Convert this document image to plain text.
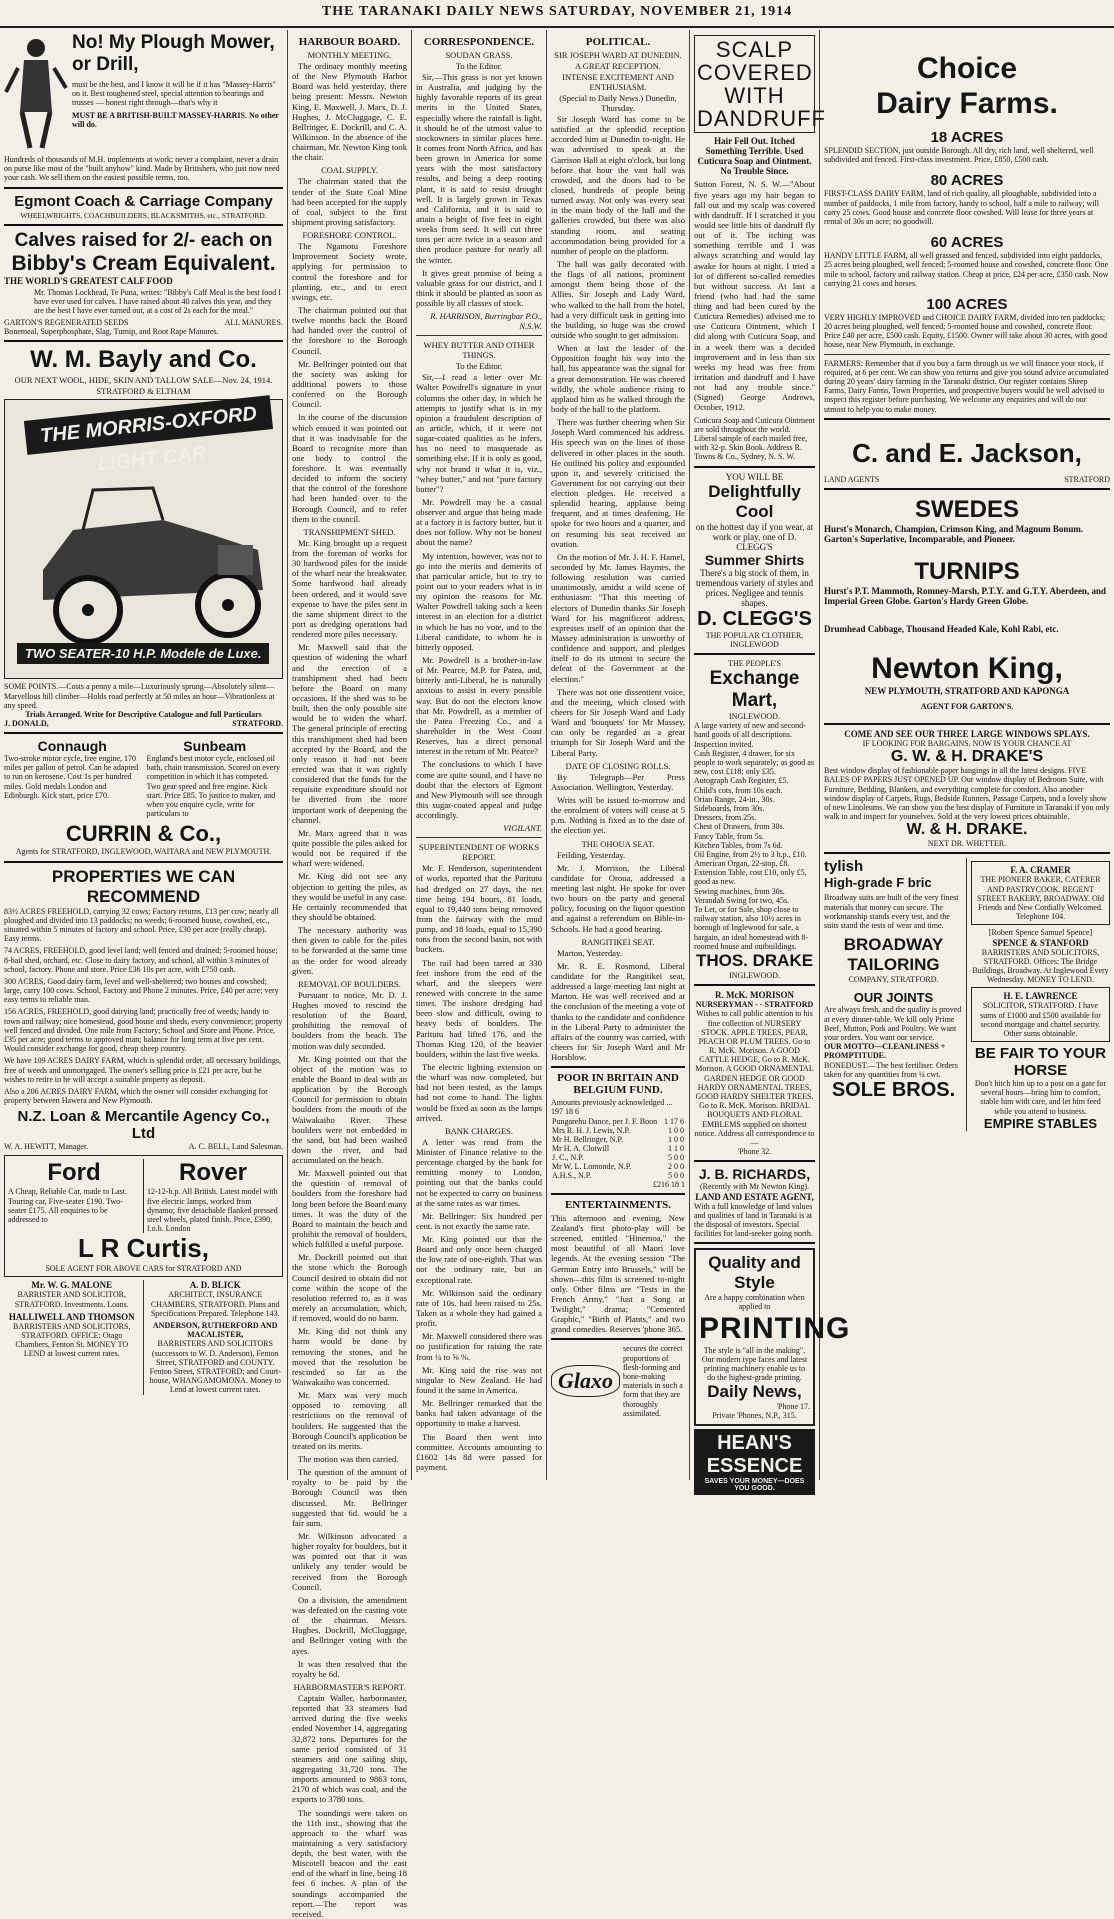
THE TARANAKI DAILY NEWS SATURDAY, NOVEMBER 21, 1914
No! My Plough Mower,
or Drill,
must be the best, and I know it will be if it has "Massey-Harris" on it. Best toughened steel, special attention to bearings and trusses — honest right through—that's why it
MUST BE A BRITISH-BUILT MASSEY-HARRIS. No other will do.
Hundreds of thousands of M.H. implements at work; never a complaint, never a drain on purse like most of the "built anyhow" kind. Made by Britishers, who just now need your cash. We sell them on the easiest possible terms, too.
Egmont Coach & Carriage Company
WHEELWRIGHTS, COACHBUILDERS, BLACKSMITHS, etc., STRATFORD.
Calves raised for 2/- each on
Bibby's Cream Equivalent.
THE WORLD'S GREATEST CALF FOOD
Mr. Thomas Lockhead, Te Puna, writes: "Bibby's Calf Meal is the best food I have ever used for calves. I have raised about 40 calves this year, and they are the best I have ever turned out, at a cost of 2s each for the meal."
GARTON'S REGENERATED SEEDS	ALL MANURES.
Bonemeal, Superphosphate, Slag, Turnip, and Root Rape Manures.
W. M. Bayly and Co.
OUR NEXT WOOL, HIDE, SKIN AND TALLOW SALE—Nov. 24, 1914.
STRATFORD & ELTHAM
THE MORRIS-OXFORD LIGHT CAR
TWO SEATER-10 H.P. Modele de Luxe.
SOME POINTS.—Costs a penny a mile—Luxuriously sprung—Absolutely silent—Marvellous hill climber—Holds road perfectly at 50 miles an hour—Vibrationless at any speed.
Trials Arranged. Write for Descriptive Catalogue and full Particulars
J. DONALD,	STRATFORD.
Connaugh
Two-stroke motor cycle, free engine, 170 miles per gallon of petrol. Can be adapted to run on kerosene. Cost 1s per hundred miles. Gold medals London and Edinburgh. Kick start, price £70.
Sunbeam
England's best motor cycle, enclosed oil bath, chain transmission. Scored on every competition in which it has competed. Two gear speed and free engine. Kick start. Price £85. To justice to maker, and when you enquire cycle, write for particulars to
CURRIN & Co.,
Agents for STRATFORD, INGLEWOOD, WAITARA and NEW PLYMOUTH.
PROPERTIES WE CAN RECOMMEND
83½ ACRES FREEHOLD, carrying 32 cows; Factory returns, £13 per cow; nearly all ploughed and divided into 13 paddocks; no weeds; 6-roomed house, cowshed, etc., situated within 5 minutes of factory and school. Price, £30 per acre (really cheap). Easy terms.
74 ACRES, FREEHOLD, good level land; well fenced and drained; 5-roomed house; 8-bail shed, orchard, etc. Close to dairy factory, and school, all within 3 minutes of school, factory. Phone and store. Price £36 10s per acre, with £750 cash.
300 ACRES, Good dairy farm, level and well-sheltered; two houses and cowshed; large, carry 100 cows. School, Factory and Phone 2 minutes. Price, £40 per acre; very easy terms to reliable man.
156 ACRES, FREEHOLD, good dairying land; practically free of weeds; handy to town and railway; nice homestead, good house and sheds, every convenience; property well fenced and divided. One mile from Factory; School and Store and Phone. Price, £35 per acre; good terms to approved man; balance for long term at five per cent. Would consider exchange for good, cheap sheep country.
We have 109 ACRES DAIRY FARM, which is splendid order, all necessary buildings, free of weeds and unmortgaged. The owner's selling price is £21 per acre, but he wishes to retire to he will accept a suitable property as deposit.
Also a 206 ACRES DAIRY FARM, which the owner will consider exchanging for property between Hawera and New Plymouth.
N.Z. Loan & Mercantile Agency Co., Ltd
W. A. HEWITT, Manager.	A. C. BELL, Land Salesman.
Ford
A Cheap, Reliable Car, made to Last. Touring car, Five-seater £190. Two-seater £175. All enquiries to be addressed to
Rover
12-12-h.p. All British. Latest model with five electric lamps, worked from dynamo; five detachable flanked pressed steel wheels, plated finish. Price, £390, f.o.b. London
L R Curtis,
SOLE AGENT FOR ABOVE CARS for STRATFORD AND
Mr. W. G. MALONE
BARRISTER AND SOLICITOR, STRATFORD. Investments. Loans.
HALLIWELL AND THOMSON
BARRISTERS AND SOLICITORS, STRATFORD. OFFICE: Otago Chambers, Fenton St. MONEY TO LEND at lowest current rates.
A. D. BLICK
ARCHITECT, INSURANCE CHAMBERS, STRATFORD. Plans and Specifications Prepared. Telephone 143.
ANDERSON, RUTHERFORD AND MACALISTER,
BARRISTERS AND SOLICITORS (successors to W. D. Anderson), Fenton Street, STRATFORD and COUNTY. Fenton Street, STRATFORD; and Court-house, WHANGAMOMONA. Money to Lend at lowest current rates.
HARBOUR BOARD.
MONTHLY MEETING.

The ordinary monthly meeting of the New Plymouth Harbor Board was held yesterday, there being present: Messrs. Newton King, E. Maxwell, J. Marx, D. J. Hughes, J. McCluggage, C. E. Bellringer, E. Dockrill, and C. A. Wilkinson. In the absence of the chairman, Mr. Newton King took the chair.

COAL SUPPLY.

The chairman stated that the tender of the State Coal Mine had been accepted for the supply of coal, subject to the first shipment proving satisfactory.

FORESHORE CONTROL.

The Ngamotu Foreshore Improvement Society wrote, applying for permission to control the foreshore and for planting, etc., and to erect swings, etc.

The chairman pointed out that twelve months back the Board had handed over the control of the foreshore to the Borough Council.

Mr. Bellringer pointed out that the society was asking for additional powers to those conferred on the Borough Council.

In the course of the discussion which ensued it was pointed out that it was inadvisable for the Board to recognise more than one body to control the foreshore. It was eventually decided to inform the society that the control of the foreshore had been handed over to the Borough Council, and to refer them to the council.

TRANSHIPMENT SHED.

Mr. King brought up a request from the foreman of works for 30 hardwood piles for the inside of the wharf near the breakwater. Some hardwood had already been ordered, and it would save expense to have the piles sent in the same shipment direct to the port as dredging operations had rendered more piles necessary.

Mr. Maxwell said that the question of widening the wharf and the erection of a transhipment shed had been before the Board on many occasions. If the shed was to be built, then the only possible site would be to widen the wharf. The general principle of erecting this transhipment shed had been accepted by the Board, and the only reason it had not been erected was that it was rightly considered that the funds for the requisite expenditure should not be diverted from the more important work of deepening the channel.

Mr. Marx agreed that it was quite possible the piles asked for would not be required if the wharf were widened.

Mr. King did not see any objection to getting the piles, as they would be useful in any case. He certainly recommended that they should be obtained.

The necessary authority was then given to cable for the piles to be forwarded at the same time as the order for wood already given.

REMOVAL OF BOULDERS.

Pursuant to notice, Mr. D. J. Hughes moved to rescind the resolution of the Board, prohibiting the removal of boulders from the beach. The motion was duly seconded.

Mr. King pointed out that the object of the motion was to enable the Board to deal with an application by the Borough Council for permission to obtain boulders from the mouth of the Waiwakaiho River. These boulders were not embedded in the sand, but had been washed down the river, and had accumulated on the beach.

Mr. Maxwell pointed out that the question of removal of boulders from the foreshore had long been before the Board many times. It was the duty of the Board to maintain the beach and prohibit the removal of boulders, which fulfilled a useful purpose.

Mr. Dockrill pointed out that the stone which the Borough Council desired to obtain did not come within the scope of the resolution referred to, as it was merely an accumulation, which, if removed, would do no harm.

Mr. King did not think any harm would be done by removing the stones, and he moved that the resolution be rescinded so far as the Waiwakaiho was concerned.

Mr. Marx was very much opposed to removing all restrictions on the removal of boulders. He suggested that the Borough Council's application be treated on its merits.

The motion was then carried.

The question of the amount of royalty to be paid by the Borough Council was then discussed. Mr. Bellringer suggested that 6d. would be a fair sum.

Mr. Wilkinson advocated a higher royalty for boulders, but it was pointed out that it was unlikely any tender would be received from the Borough Council.

On a division, the amendment was defeated on the casting vote of the chairman. Messrs. Hughes, Dockrill, McCluggage, and Bellringer voting with the ayes.

It was then resolved that the royalty be 6d.

HARBORMASTER'S REPORT.

Captain Waller, harbormaster, reported that 33 steamers had arrived during the five weeks ended November 14, aggregating 32,872 tons. Departures for the same period consisted of 31 steamers and one sailing ship, aggregating 31,720 tons. The imports amounted to 9863 tons, 2170 of which was coal, and the exports to 3780 tons.

The soundings were taken on the 11th inst., showing that the approach to the wharf was maintaining a very satisfactory depth, the best water, with the Miscotell beacon and the east end of the wharf in line, being 18 feet 6 inches. A plan of the soundings accompanied the report.—The report was received.

CORRESPONDENCE.
SOUDAN GRASS.
To the Editor.

Sir,—This grass is not yet known in Australia, and judging by the highly favorable reports of its great merits in the United States, especially where the rainfall is light, it should be of the utmost value to stockowners in similar places here. It comes from North Africa, and has been grown in America for some years with the most satisfactory results, and being a deep rooting plant, it is said to resist drought well. It is largely grown in Texas and California, and it is said to attain a height of five feet in eight weeks from seed. It will cut three tons per acre twice in a season and then produce pasture for nearly all the winter.

It gives great promise of being a valuable grass for our district, and I think it should be planted as soon as possible by all classes of stock.

R. HARRISON, Burringbar P.O., N.S.W.
WHEY BUTTER AND OTHER THINGS.
To the Editor.

Sir,—I read a letter over Mr. Walter Powdrell's signature in your columns the other day, in which he attempts to justify what is in my opinion a fraudulent description of an article, which, if it were not sugar-coated qualities as he infers, has no need to masquerade as something else. If it is only as good, why not brand it what it is, viz., "whey butter," and not "pure factory butter"?

Mr. Powdrell may be a casual observer and argue that being made at a factory it is factory butter, but it does not follow. Why not be honest about the name?

My intention, however, was not to go into the merits and demerits of that particular article, but to try to point out to your readers what is in my opinion the reasons for Mr. Walter Powdrell taking such a keen interest in an election for a district in which he has no vote, and to the Liberal candidate, to whom he is bitterly opposed.

Mr. Powdrell is a brother-in-law of Mr. Pearce, M.P. for Patea, and, bitterly anti-Liberal, he is naturally anxious to assist in every possible way. But do not the electors know that Mr. Powdrell, as a member of the Patea Freezing Co., and a shareholder in the West Coast Reserves, has a direct personal interest in the return of Mr. Pearce?

The conclusions to which I have come are quite sound, and I have no doubt that the electors of Egmont and New Plymouth will see through this sugar-coated appeal and judge accordingly.

VIGILANT.
SUPERINTENDENT OF WORKS REPORT.

Mr. F. Henderson, superintendent of works, reported that the Paritutu had dredged on 27 days, the net time being 194 hours, 81 loads, equal to 19,440 tons being removed from the fairway with the mud pump, and 18 loads, equal to 15,390 tons from the second basin, not with buckets.

The rail had been tarred at 330 feet inshore from the end of the wharf, and the sleepers were renewed with concrete in the same times. The inshore dredging had been slow and difficult, owing to heavy beds of boulders. The Paritutu had lifted 176, and the Thomas King 120, of the heavier boulders, within the last five weeks.

The electric lighting extension on the wharf was now completed, but had not been tested, as the lamps had not come to hand. The lights would be fixed as soon as the lamps arrived.

BANK CHARGES.

A letter was read from the Minister of Finance relative to the percentage charged by the bank for remitting money to London, pointing out that the banks could not be expected to carry on business at the same rates as war times.

Mr. Bellringer: Six hundred per cent. is not exactly the same rate.

Mr. King pointed out that the Board and only once been charged the low rate of one-eighth. That was not the ordinary rate, but an exceptional rate.

Mr. Wilkinson said the ordinary rate of 10s. had been raised to 25s. Taken as a whole they had gained a profit.

Mr. Maxwell considered there was no justification for raising the rate from ¼ to ⅝ %.

Mr. King said the rise was not singular to New Zealand. He had found it the same in America.

Mr. Bellringer remarked that the banks had taken advantage of the opportunity to make a harvest.

The Board then went into committee. Accounts amounting to £1602 14s 8d were passed for payment.

POLITICAL.
SIR JOSEPH WARD AT DUNEDIN.
A GREAT RECEPTION.
INTENSE EXCITEMENT AND ENTHUSIASM.
(Special to Daily News.) Dunedin, Thursday.

Sir Joseph Ward has come to be satisfied at the splendid reception accorded him at Dunedin to-night. He was advertised to speak at the Garrison Hall at eight o'clock, but long before that hour the vast hall was crowded, and the doors had to be closed, hundreds of people being turned away. Not only was every seat in the main body of the hall and the galleries crowded, but there was also standing room, and seating accommodation being provided for a number of people on the platform.

The hall was gaily decorated with the flags of all nations, prominent amongst them being those of the Allies. Sir Joseph and Lady Ward, who walked to the hall from the hotel, had a very difficult task in getting into the building, so huge was the crowd outside who sought to get admission.

When at last the leader of the Opposition fought his way into the hall, his appearance was the signal for a great demonstration. He was cheered wildly, the whole audience rising to applaud him as he walked through the body of the hall to the platform.

There was further cheering when Sir Joseph Ward commenced his address. His speech was on the lines of those delivered in other places in the south. He outlined his policy and expounded upon it, and severely criticised the Government for not carrying out their election pledges. He received a splendid hearing, applause being frequent, and at times deafening. He spoke for two hours and a quarter, and on resuming his seat received an ovation.

On the motion of Mr. J. H. F. Hamel, seconded by Mr. James Haymes, the following resolution was carried unanimously, amidst a wild scene of enthusiasm: "That this meeting of electors of Dunedin thanks Sir Joseph Ward for his magnificent address, expresses itself of an opinion that the Massey administration is unworthy of confidence and support, and pledges itself to do its utmost to secure the defeat of the Government at the election."

There was not one dissentient voice, and the meeting, which closed with cheers for Sir Joseph Ward and Lady Ward and 'bouquets' for Mr Massey, can only be regarded as a great triumph for Sir Joseph Ward and the Liberal Party.

DATE OF CLOSING ROLLS.

By Telegraph—Per Press Association. Wellington, Yesterday.

Writs will be issued to-morrow and the enrolment of voters will cease at 5 p.m. Nothing is fixed as to the date of the election yet.

THE OHOUA SEAT.

Feilding, Yesterday.

Mr. J. Morrison, the Liberal candidate for Oroua, addressed a meeting last night. He spoke for over two hours on the party and general policy, focusing on the liquor question and against a referendum on Bible-in-Schools. He had a good hearing.

RANGITIKEI SEAT.

Marton, Yesterday.

Mr. R. E. Rosmond, Liberal candidate for the Rangitikei seat, addressed a large meeting last night at Marton. He was well received and at the conclusion of the meeting a vote of thanks to the candidate and confidence in the Liberal Party to administer the affairs of the country was carried, with cheers for Sir Joseph Ward and Mr Horsblow.

POOR IN BRITAIN AND BELGIUM FUND.
Amounts previously acknowledged ... 197 18 6
Pungarehu Dance, per J. F. Boon	1 17 6
Mrs R. H. J. Lewis, N.P.	1 0 0
Mr H. Bellringer, N.P.	1 0 0
Mr H. A. Clotwill	1 1 0
J. C., N.P.	5 0 0
Mr W. L. Lomonde, N.P.	2 0 0
A.H.S., N.P.	5 0 0
£216 18 1
ENTERTAINMENTS.
This afternoon and evening, New Zealand's first photo-play will be screened, entitled "Hinemoa," the most beautiful of all Maori love legends. At the evening session "The German Entry into Brussels," will be shown—this film is screened to-night only. Other films are "Tests in the French Army," "Just a Song at Twilight," drama; "Cemented Graphic," "Birth of Plants," and two grand comedies. Reserves 'phone 365.
Glaxo
secures the correct proportions of flesh-forming and bone-making materials in such a form that they are thoroughly assimilated.
SCALP COVERED
WITH DANDRUFF
Hair Fell Out. Itched Something Terrible. Used Cuticura Soap and Ointment. No Trouble Since.
Sutton Forest, N. S. W.—"About five years ago my hair began to fall out and my scalp was covered with dandruff. If I scratched it you would see little bits of dandruff fly out of it. The itching was something terrible and I was always scratching and would lay awake for hours at night. I tried a lot of different so-called remedies but without success. At last a friend (who had had the same thing and had been cured by the Cuticura Remedies) advised me to use Cuticura Ointment, which I did along with Cuticura Soap, and in a week there was a decided improvement and in less than six weeks my head was free from irritation and dandruff and I have not had any trouble since." (Signed) George Andrews, October, 1912.
Cuticura Soap and Cuticura Ointment are sold throughout the world. Liberal sample of each mailed free, with 32-p. Skin Book. Address R. Towns & Co., Sydney, N. S. W.
YOU WILL BE
Delightfully Cool
on the hottest day if you wear, at work or play, one of D. CLEGG'S
Summer Shirts
There's a big stock of them, in tremendous variety of styles and prices. Negligee and tennis shapes.
D. CLEGG'S
THE POPULAR CLOTHIER, INGLEWOOD
THE PEOPLE'S
Exchange Mart,
INGLEWOOD.
A large variety of new and second-hand goods of all descriptions. Inspection invited.
Cash Register, 4 drawer, for six people to work separately; as good as new, cost £118; only £35.
Autograph Cash Register, £5.
Child's cots, from 10s each.
Orian Range, 24-in., 30s.
Sideboards, from 30s.
Dressers, from 25s.
Chest of Drawers, from 30s.
Fancy Table, from 5s.
Kitchen Tables, from 7s 6d.
Oil Engine, from 2½ to 3 h.p., £10.
American Organ, 22-stop, £8.
Extension Table, cost £10, only £5, good as new.
Sewing machines, from 30s.
Verandah Swing for two, 45s.
To Let, or for Sale, shop close to railway station, also 10½ acres in borough of Inglewood for sale, a bargain, an ideal homestead with 8-roomed house and outbuildings.
THOS. DRAKE
INGLEWOOD.
R. McK. MORISON
NURSERYMAN - - STRATFORD
Wishes to call public attention to his fine collection of NURSERY STOCK. APPLE TREES, PEAR, PEACH OR PLUM TREES. Go to R. McK. Morison. A GOOD CATTLE HEDGE, Go to R. McK. Morison. A GOOD ORNAMENTAL GARDEN HEDGE OR GOOD HARDY ORNAMENTAL TREES, GOOD HARDY SHELTER TREES. Go to R. McK. Morison. BRIDAL BOUQUETS AND FLORAL EMBLEMS supplied on shortest notice. Address all correspondence to—
'Phone 32.
J. B. RICHARDS,
(Recently with Mr Newton King).
LAND AND ESTATE AGENT,
With a full knowledge of land values and qualities of land in Taranaki is at the disposal of investors. Special facilities for land-seeker going north.
Quality and Style
Are a happy combination when applied to
PRINTING
The style is "all in the making". Our modern type faces and latest printing machinery enable us to do the highest-grade printing.
Daily News,
'Phone 17.
Private 'Phones, N.P., 315.
HEAN'S
ESSENCE
SAVES YOUR MONEY—DOES YOU GOOD.
Choice
Dairy Farms.
18 ACRES
SPLENDID SECTION, just outside Borough. All dry, rich land, well sheltered, well subdivided and fenced. First-class investment. Price, £850, £500 cash.
80 ACRES
FIRST-CLASS DAIRY FARM, land of rich quality, all ploughable, subdivided into a number of paddocks, 1 mile from factory, handy to school, half a mile to railway; will carry 25 cows. Good house and concrete floor cowshed. Will lease for three years at rental of 30s an acre; no goodwill.
60 ACRES
HANDY LITTLE FARM, all well grassed and fenced, subdivided into eight paddocks, 25 acres being ploughed, well fenced; 5-roomed house and cowshed, concrete floor. One mile to school, factory and railway station. Cheap at price, £24 per acre, £350 cash. Now carrying 21 cows and horses.
100 ACRES
VERY HIGHLY IMPROVED and CHOICE DAIRY FARM, divided into ten paddocks; 20 acres being ploughed, well fenced; 5-roomed house and cowshed, concrete floor. Price £40 per acre, £500 cash. Equity, £1500. Owner will take about 30 acres, with good house, near New Plymouth, in exchange.
FARMERS: Remember that if you buy a farm through us we will finance your stock, if required, at 6 per cent. We can show you returns and give you sound advice accumulated during 20 years' dairy farming in the Taranaki district. Our register contains Sheep Farms, Dairy Farms, Town Properties, and prospective buyers would be well advised to inspect this register before purchasing. We welcome any enquiries and will do our utmost to help you to make money.
C. and E. Jackson,
LAND AGENTS	STRATFORD
SWEDES
Hurst's Monarch, Champion, Crimson King, and Magnum Bonum. Garton's Superlative, Incomparable, and Pioneer.
TURNIPS
Hurst's P.T. Mammoth, Romney-Marsh, P.T.Y. and G.T.Y. Aberdeen, and Imperial Green Globe. Garton's Hardy Green Globe.
Drumhead Cabbage, Thousand Headed Kale, Kohl Rabi, etc.
Newton King,
NEW PLYMOUTH, STRATFORD AND KAPONGA
AGENT FOR GARTON'S.
COME AND SEE OUR THREE LARGE WINDOWS SPLAYS.
IF LOOKING FOR BARGAINS. NOW IS YOUR CHANCE AT
G. W. & H. DRAKE'S
Best window display of fashionable paper hangings in all the latest designs. FIVE BALES OF PAPERS JUST OPENED UP. Our window display of Bedroom Suite, with Furniture, Bedding, Blankets, and everything complete for comfort. Also another window display of Carpets, Rugs, Bedside Runners, Passage Carpets, and a lovely show of new Linoleums. We can show you the best display of Furniture in Taranaki if you only walk in and inspect for yourselves. Sold at the very lowest prices obtainable.
W. & H. DRAKE.
NEXT DR. WHETTER.
tylish
High-grade F bric
Broadway suits are built of the very finest materials that money can secure. The workmanship stands every test, and the suits stand the tests of wear and time.
BROADWAY
TAILORING
COMPANY, STRATFORD.
OUR JOINTS
Are always fresh, and the quality is proved at every dinner-table. We kill only Prime Beef, Mutton, Pork and Poultry. We want your orders. You want our service.
OUR MOTTO—CLEANLINESS + PROMPTITUDE.
BONEDUST.—The best fertiliser. Orders taken for any quantities from ¼ cwt.
SOLE BROS.
F. A. CRAMER
THE PIONEER BAKER, CATERER AND PASTRYCOOK. REGENT STREET BAKERY, BROADWAY. Old Friends and New Cordially Welcomed. Telephone 104.
[Robert Spence Samuel Spence]
SPENCE & STANFORD
BARRISTERS AND SOLICITORS, STRATFORD. Offices: The Bridge Buildings, Broadway. At Inglewood Every Wednesday. MONEY TO LEND.
H. E. LAWRENCE
SOLICITOR, STRATFORD. I have sums of £1000 and £500 available for second mortgage and chattel security. Other sums obtainable.
BE FAIR TO YOUR HORSE
Don't hitch him up to a post on a gate for several hours—bring him to comfort, stable him with care, and let him feed while you attend to business.
EMPIRE STABLES
